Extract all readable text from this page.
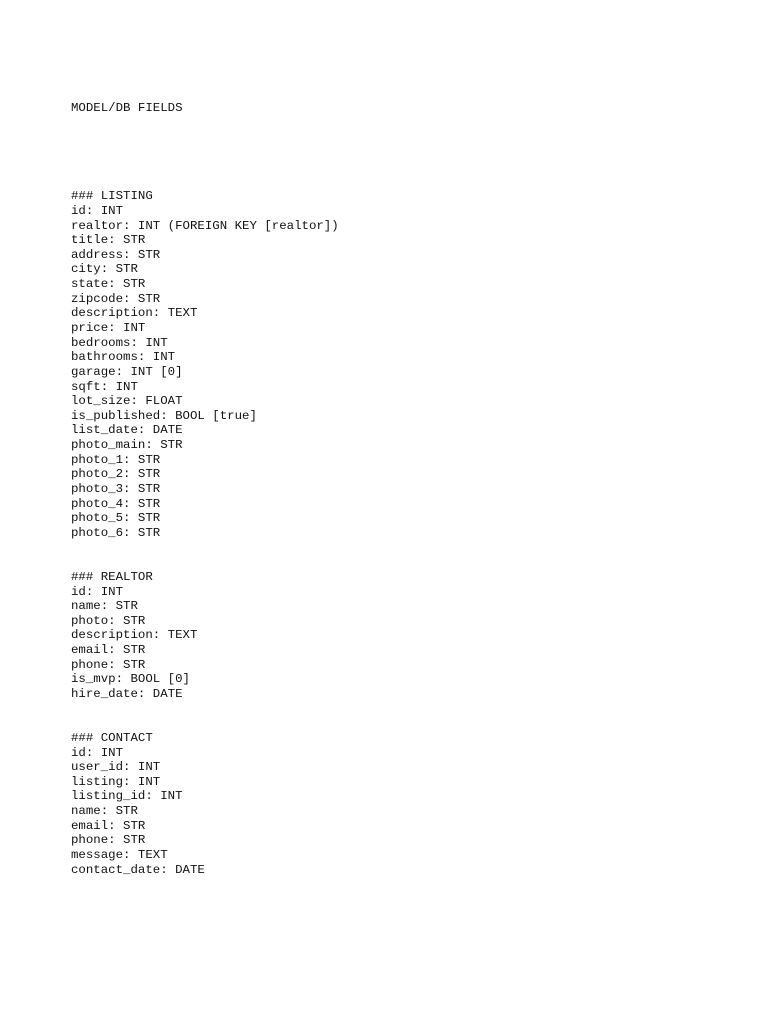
MODEL/DB FIELDS

### LISTING
id: INT
realtor: INT (FOREIGN KEY [realtor])
title: STR
address: STR
city: STR
state: STR
zipcode: STR
description: TEXT
price: INT
bedrooms: INT
bathrooms: INT
garage: INT [0]
sqft: INT
lot_size: FLOAT
is_published: BOOL [true]
list_date: DATE
photo_main: STR
photo_1: STR
photo_2: STR
photo_3: STR
photo_4: STR
photo_5: STR
photo_6: STR
### REALTOR
id: INT
name: STR
photo: STR
description: TEXT
email: STR
phone: STR
is_mvp: BOOL [0]
hire_date: DATE
### CONTACT
id: INT
user_id: INT
listing: INT
listing_id: INT
name: STR
email: STR
phone: STR
message: TEXT
contact_date: DATE
